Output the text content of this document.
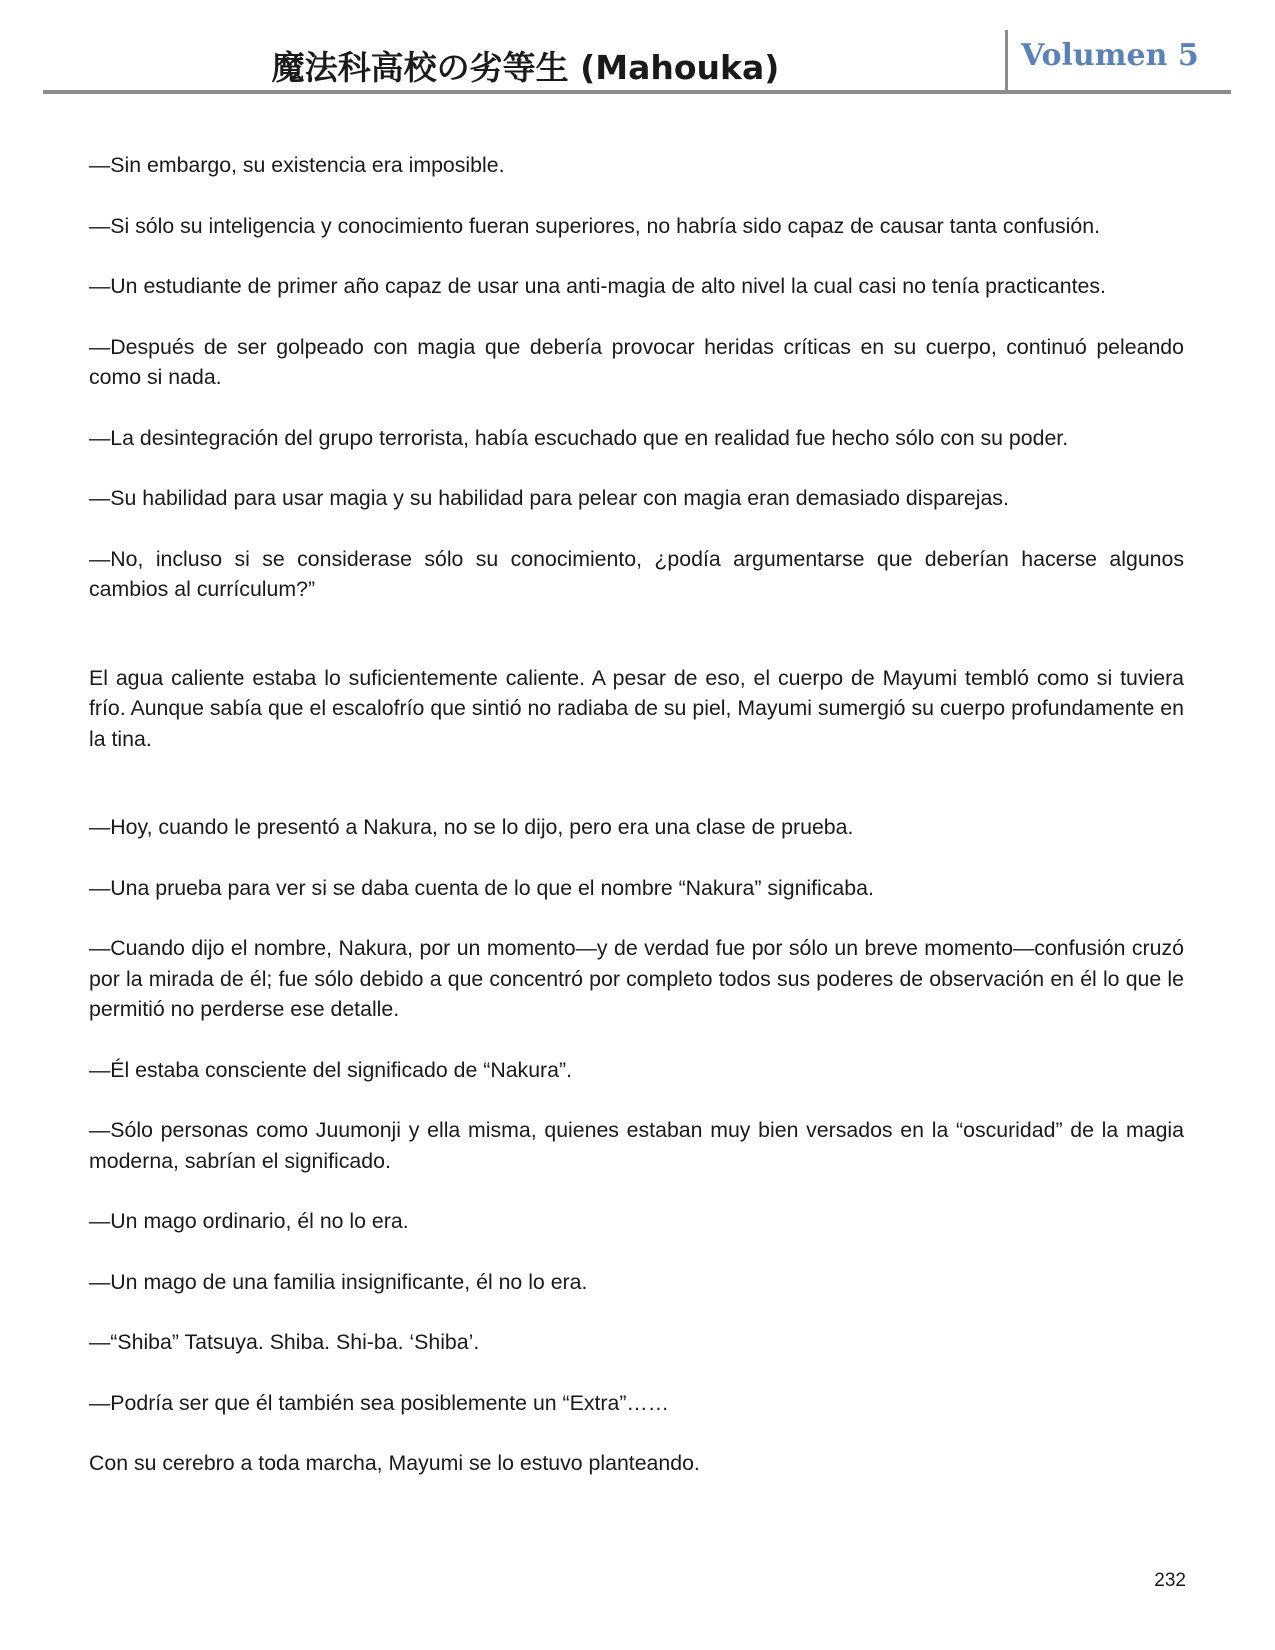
魔法科高校の劣等生 (Mahouka)	Volumen 5

—Sin embargo, su existencia era imposible.

—Si sólo su inteligencia y conocimiento fueran superiores, no habría sido capaz de causar tanta confusión.

—Un estudiante de primer año capaz de usar una anti-magia de alto nivel la cual casi no tenía practicantes.

—Después de ser golpeado con magia que debería provocar heridas críticas en su cuerpo, continuó peleando como si nada.

—La desintegración del grupo terrorista, había escuchado que en realidad fue hecho sólo con su poder.

—Su habilidad para usar magia y su habilidad para pelear con magia eran demasiado disparejas.

—No, incluso si se considerase sólo su conocimiento, ¿podía argumentarse que deberían hacerse algunos cambios al currículum?”

El agua caliente estaba lo suficientemente caliente. A pesar de eso, el cuerpo de Mayumi tembló como si tuviera frío. Aunque sabía que el escalofrío que sintió no radiaba de su piel, Mayumi sumergió su cuerpo profundamente en la tina.

—Hoy, cuando le presentó a Nakura, no se lo dijo, pero era una clase de prueba.

—Una prueba para ver si se daba cuenta de lo que el nombre “Nakura” significaba.

—Cuando dijo el nombre, Nakura, por un momento—y de verdad fue por sólo un breve momento—confusión cruzó por la mirada de él; fue sólo debido a que concentró por completo todos sus poderes de observación en él lo que le permitió no perderse ese detalle.

—Él estaba consciente del significado de “Nakura”.

—Sólo personas como Juumonji y ella misma, quienes estaban muy bien versados en la “oscuridad” de la magia moderna, sabrían el significado.

—Un mago ordinario, él no lo era.

—Un mago de una familia insignificante, él no lo era.

—“Shiba” Tatsuya. Shiba. Shi-ba. ‘Shiba’.

—Podría ser que él también sea posiblemente un “Extra”……

Con su cerebro a toda marcha, Mayumi se lo estuvo planteando.

232
